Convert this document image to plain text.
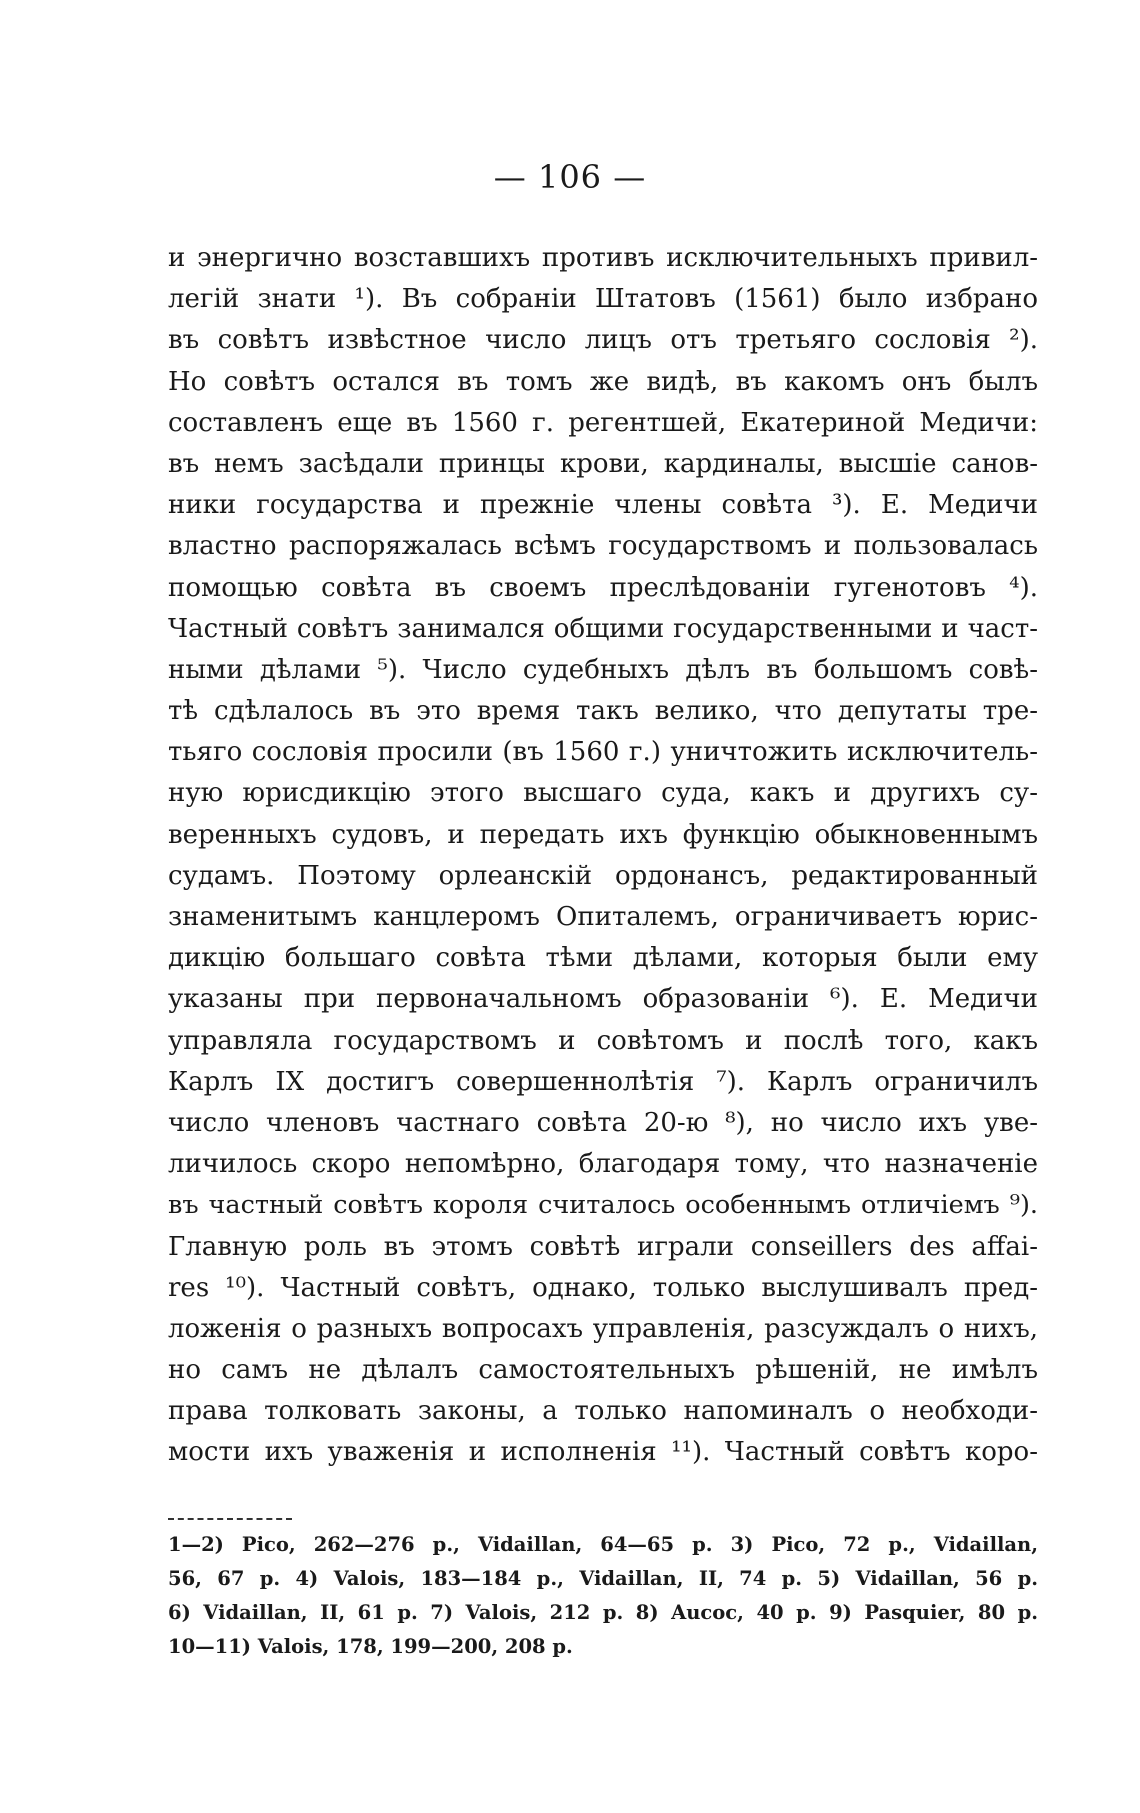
— 106 —
и энергично возставшихъ противъ исключительныхъ привил-
легій знати ¹). Въ собраніи Штатовъ (1561) было избрано
въ совѣтъ извѣстное число лицъ отъ третьяго сословія ²).
Но совѣтъ остался въ томъ же видѣ, въ какомъ онъ былъ
составленъ еще въ 1560 г. регентшей, Екатериной Медичи:
въ немъ засѣдали принцы крови, кардиналы, высшіе санов-
ники государства и прежніе члены совѣта ³). Е. Медичи
властно распоряжалась всѣмъ государствомъ и пользовалась
помощью совѣта въ своемъ преслѣдованіи гугенотовъ ⁴).
Частный совѣтъ занимался общими государственными и част-
ными дѣлами ⁵). Число судебныхъ дѣлъ въ большомъ совѣ-
тѣ сдѣлалось въ это время такъ велико, что депутаты тре-
тьяго сословія просили (въ 1560 г.) уничтожить исключитель-
ную юрисдикцію этого высшаго суда, какъ и другихъ су-
веренныхъ судовъ, и передать ихъ функцію обыкновеннымъ
судамъ. Поэтому орлеанскій ордонансъ, редактированный
знаменитымъ канцлеромъ Опиталемъ, ограничиваетъ юрис-
дикцію большаго совѣта тѣми дѣлами, которыя были ему
указаны при первоначальномъ образованіи ⁶). Е. Медичи
управляла государствомъ и совѣтомъ и послѣ того, какъ
Карлъ IX достигъ совершеннолѣтія ⁷). Карлъ ограничилъ
число членовъ частнаго совѣта 20-ю ⁸), но число ихъ уве-
личилось скоро непомѣрно, благодаря тому, что назначеніе
въ частный совѣтъ короля считалось особеннымъ отличіемъ ⁹).
Главную роль въ этомъ совѣтѣ играли conseillers des affai-
res ¹⁰). Частный совѣтъ, однако, только выслушивалъ пред-
ложенія о разныхъ вопросахъ управленія, разсуждалъ о нихъ,
но самъ не дѣлалъ самостоятельныхъ рѣшеній, не имѣлъ
права толковать законы, а только напоминалъ о необходи-
мости ихъ уваженія и исполненія ¹¹). Частный совѣтъ коро-
1—2) Pico, 262—276 p., Vidaillan, 64—65 p. 3) Pico, 72 p., Vidaillan,
56, 67 p. 4) Valois, 183—184 p., Vidaillan, II, 74 p. 5) Vidaillan, 56 p.
6) Vidaillan, II, 61 p. 7) Valois, 212 p. 8) Aucoc, 40 p. 9) Pasquier, 80 p.
10—11) Valois, 178, 199—200, 208 p.
